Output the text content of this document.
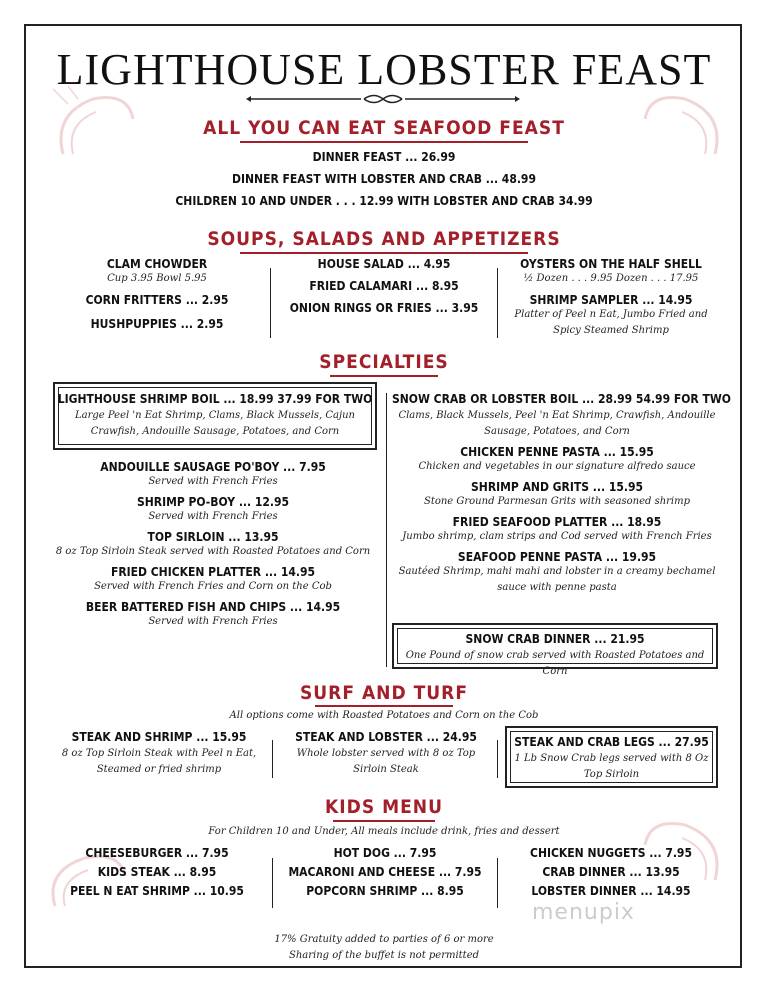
LIGHTHOUSE LOBSTER FEAST
ALL YOU CAN EAT SEAFOOD FEAST
DINNER FEAST ... 26.99
DINNER FEAST WITH LOBSTER AND CRAB ... 48.99
CHILDREN 10 AND UNDER . . . 12.99 WITH LOBSTER AND CRAB 34.99
SOUPS, SALADS AND APPETIZERS
CLAM CHOWDER
Cup 3.95 Bowl 5.95
CORN FRITTERS ... 2.95
HUSHPUPPIES ... 2.95
HOUSE SALAD ... 4.95
FRIED CALAMARI ... 8.95
ONION RINGS OR FRIES ... 3.95
OYSTERS ON THE HALF SHELL
½ Dozen . . . 9.95 Dozen . . . 17.95
SHRIMP SAMPLER ... 14.95
Platter of Peel n Eat, Jumbo Fried and
Spicy Steamed Shrimp
SPECIALTIES
LIGHTHOUSE SHRIMP BOIL ... 18.99 37.99 FOR TWO
Large Peel 'n Eat Shrimp, Clams, Black Mussels, Cajun
Crawfish, Andouille Sausage, Potatoes, and Corn
ANDOUILLE SAUSAGE PO'BOY ... 7.95
Served with French Fries
SHRIMP PO-BOY ... 12.95
Served with French Fries
TOP SIRLOIN ... 13.95
8 oz Top Sirloin Steak served with Roasted Potatoes and Corn
FRIED CHICKEN PLATTER ... 14.95
Served with French Fries and Corn on the Cob
BEER BATTERED FISH AND CHIPS ... 14.95
Served with French Fries
SNOW CRAB OR LOBSTER BOIL ... 28.99 54.99 FOR TWO
Clams, Black Mussels, Peel 'n Eat Shrimp, Crawfish, Andouille
Sausage, Potatoes, and Corn
CHICKEN PENNE PASTA ... 15.95
Chicken and vegetables in our signature alfredo sauce
SHRIMP AND GRITS ... 15.95
Stone Ground Parmesan Grits with seasoned shrimp
FRIED SEAFOOD PLATTER ... 18.95
Jumbo shrimp, clam strips and Cod served with French Fries
SEAFOOD PENNE PASTA ... 19.95
Sautéed Shrimp, mahi mahi and lobster in a creamy bechamel
sauce with penne pasta
SNOW CRAB DINNER ... 21.95
One Pound of snow crab served with Roasted Potatoes and Corn
SURF AND TURF
All options come with Roasted Potatoes and Corn on the Cob
STEAK AND SHRIMP ... 15.95
8 oz Top Sirloin Steak with Peel n Eat,
Steamed or fried shrimp
STEAK AND LOBSTER ... 24.95
Whole lobster served with 8 oz Top
Sirloin Steak
STEAK AND CRAB LEGS ... 27.95
1 Lb Snow Crab legs served with 8 Oz
Top Sirloin
KIDS MENU
For Children 10 and Under, All meals include drink, fries and dessert
CHEESEBURGER ... 7.95
KIDS STEAK ... 8.95
PEEL N EAT SHRIMP ... 10.95
HOT DOG ... 7.95
MACARONI AND CHEESE ... 7.95
POPCORN SHRIMP ... 8.95
CHICKEN NUGGETS ... 7.95
CRAB DINNER ... 13.95
LOBSTER DINNER ... 14.95
menupix
17% Gratuity added to parties of 6 or more
Sharing of the buffet is not permitted
